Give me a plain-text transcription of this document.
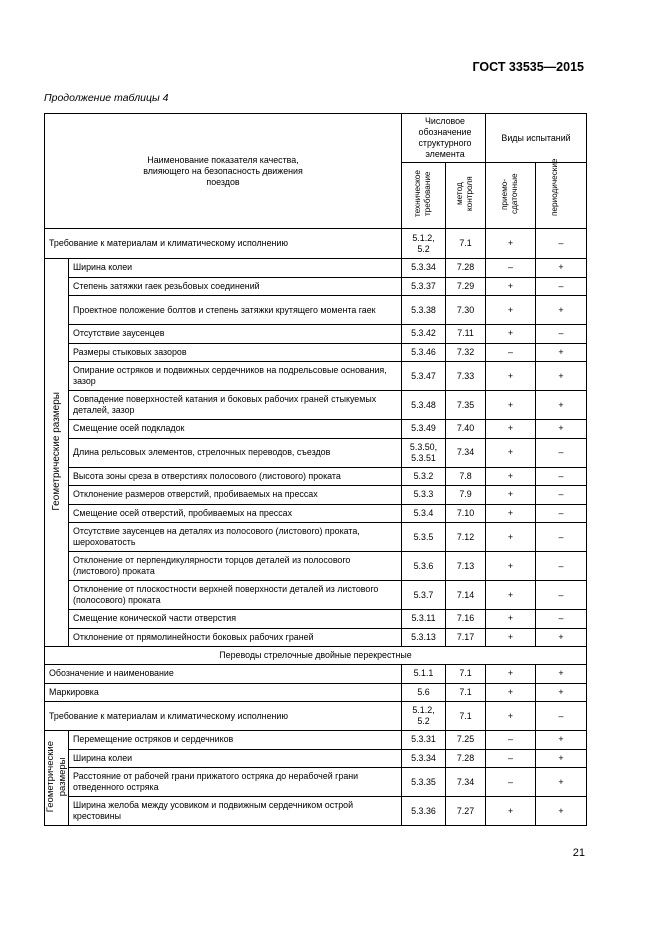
ГОСТ 33535—2015
Продолжение таблицы 4
Наименование показателя качества, влияющего на безопасность движения поездов		Числовое обозначение структурного элемента		Виды испытаний	
		техническое требование	метод контроля	приемо-сдаточные	периодические
Требование к материалам и климатическому исполнению		5.1.2, 5.2	7.1	+	–
Геометрические размеры	Ширина колеи	5.3.34	7.28	–	+
	Степень затяжки гаек резьбовых соединений	5.3.37	7.29	+	–
	Проектное положение болтов и степень затяжки крутящего момента гаек	5.3.38	7.30	+	+
	Отсутствие заусенцев	5.3.42	7.11	+	–
	Размеры стыковых зазоров	5.3.46	7.32	–	+
	Опирание остряков и подвижных сердечников на подрельсовые основания, зазор	5.3.47	7.33	+	+
	Совпадение поверхностей катания и боковых рабочих граней стыкуемых деталей, зазор	5.3.48	7.35	+	+
	Смещение осей подкладок	5.3.49	7.40	+	+
	Длина рельсовых элементов, стрелочных переводов, съездов	5.3.50, 5.3.51	7.34	+	–
	Высота зоны среза в отверстиях полосового (листового) проката	5.3.2	7.8	+	–
	Отклонение размеров отверстий, пробиваемых на прессах	5.3.3	7.9	+	–
	Смещение осей отверстий, пробиваемых на прессах	5.3.4	7.10	+	–
	Отсутствие заусенцев на деталях из полосового (листового) проката, шероховатость	5.3.5	7.12	+	–
	Отклонение от перпендикулярности торцов деталей из полосового (листового) проката	5.3.6	7.13	+	–
	Отклонение от плоскостности верхней поверхности деталей из листового (полосового) проката	5.3.7	7.14	+	–
	Смещение конической части отверстия	5.3.11	7.16	+	–
	Отклонение от прямолинейности боковых рабочих граней	5.3.13	7.17	+	+
Переводы стрелочные двойные перекрестные					
Обозначение и наименование		5.1.1	7.1	+	+
Маркировка		5.6	7.1	+	+
Требование к материалам и климатическому исполнению		5.1.2, 5.2	7.1	+	–
Геометрические
размеры	Перемещение остряков и сердечников	5.3.31	7.25	–	+
	Ширина колеи	5.3.34	7.28	–	+
	Расстояние от рабочей грани прижатого остряка до нерабочей грани отведенного остряка	5.3.35	7.34	–	+
	Ширина желоба между усовиком и подвижным сердечником острой крестовины	5.3.36	7.27	+	+
21
